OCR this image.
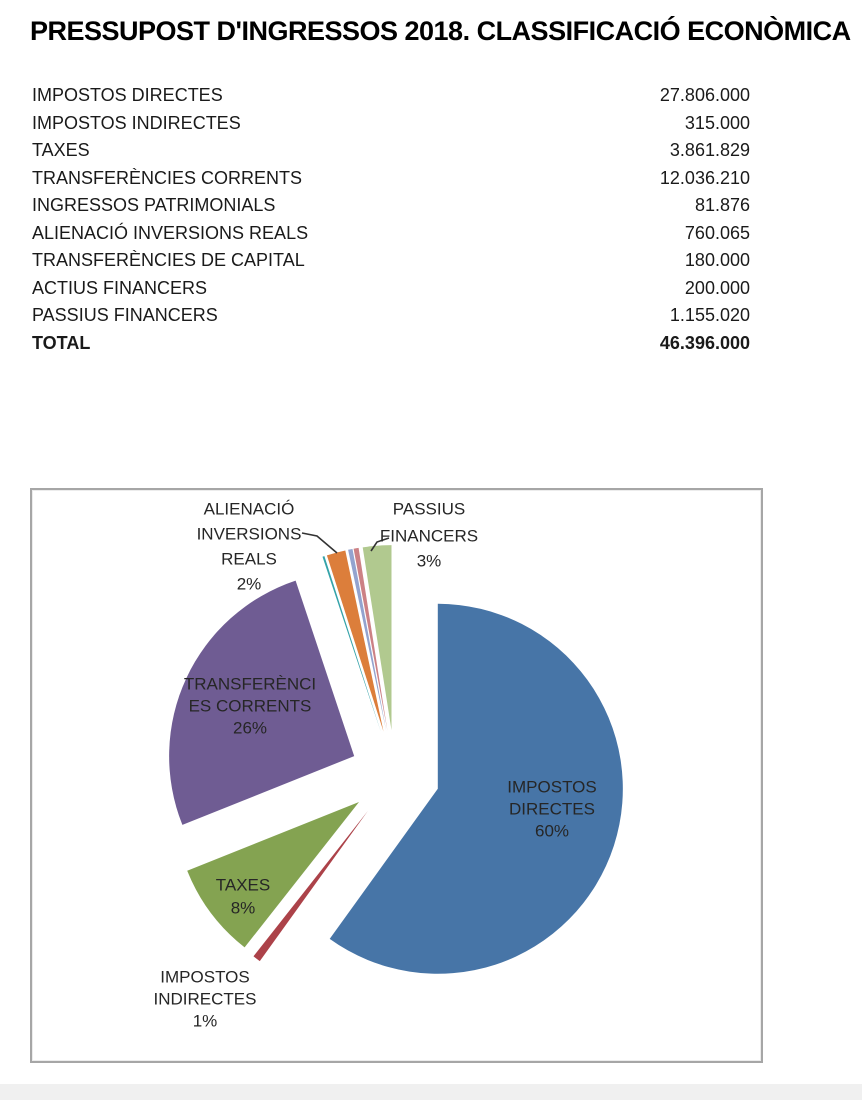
PRESSUPOST D'INGRESSOS 2018. CLASSIFICACIÓ ECONÒMICA
IMPOSTOS DIRECTES	27.806.000
IMPOSTOS INDIRECTES	315.000
TAXES	3.861.829
TRANSFERÈNCIES CORRENTS	12.036.210
INGRESSOS PATRIMONIALS	81.876
ALIENACIÓ INVERSIONS REALS	760.065
TRANSFERÈNCIES DE CAPITAL	180.000
ACTIUS FINANCERS	200.000
PASSIUS FINANCERS	1.155.020
TOTAL	46.396.000
IMPOSTOS
DIRECTES
60%
IMPOSTOS
INDIRECTES
1%
TAXES
8%
TRANSFERÈNCI
ES CORRENTS
26%
ALIENACIÓ
INVERSIONS
REALS
2%
PASSIUS
FINANCERS
3%
